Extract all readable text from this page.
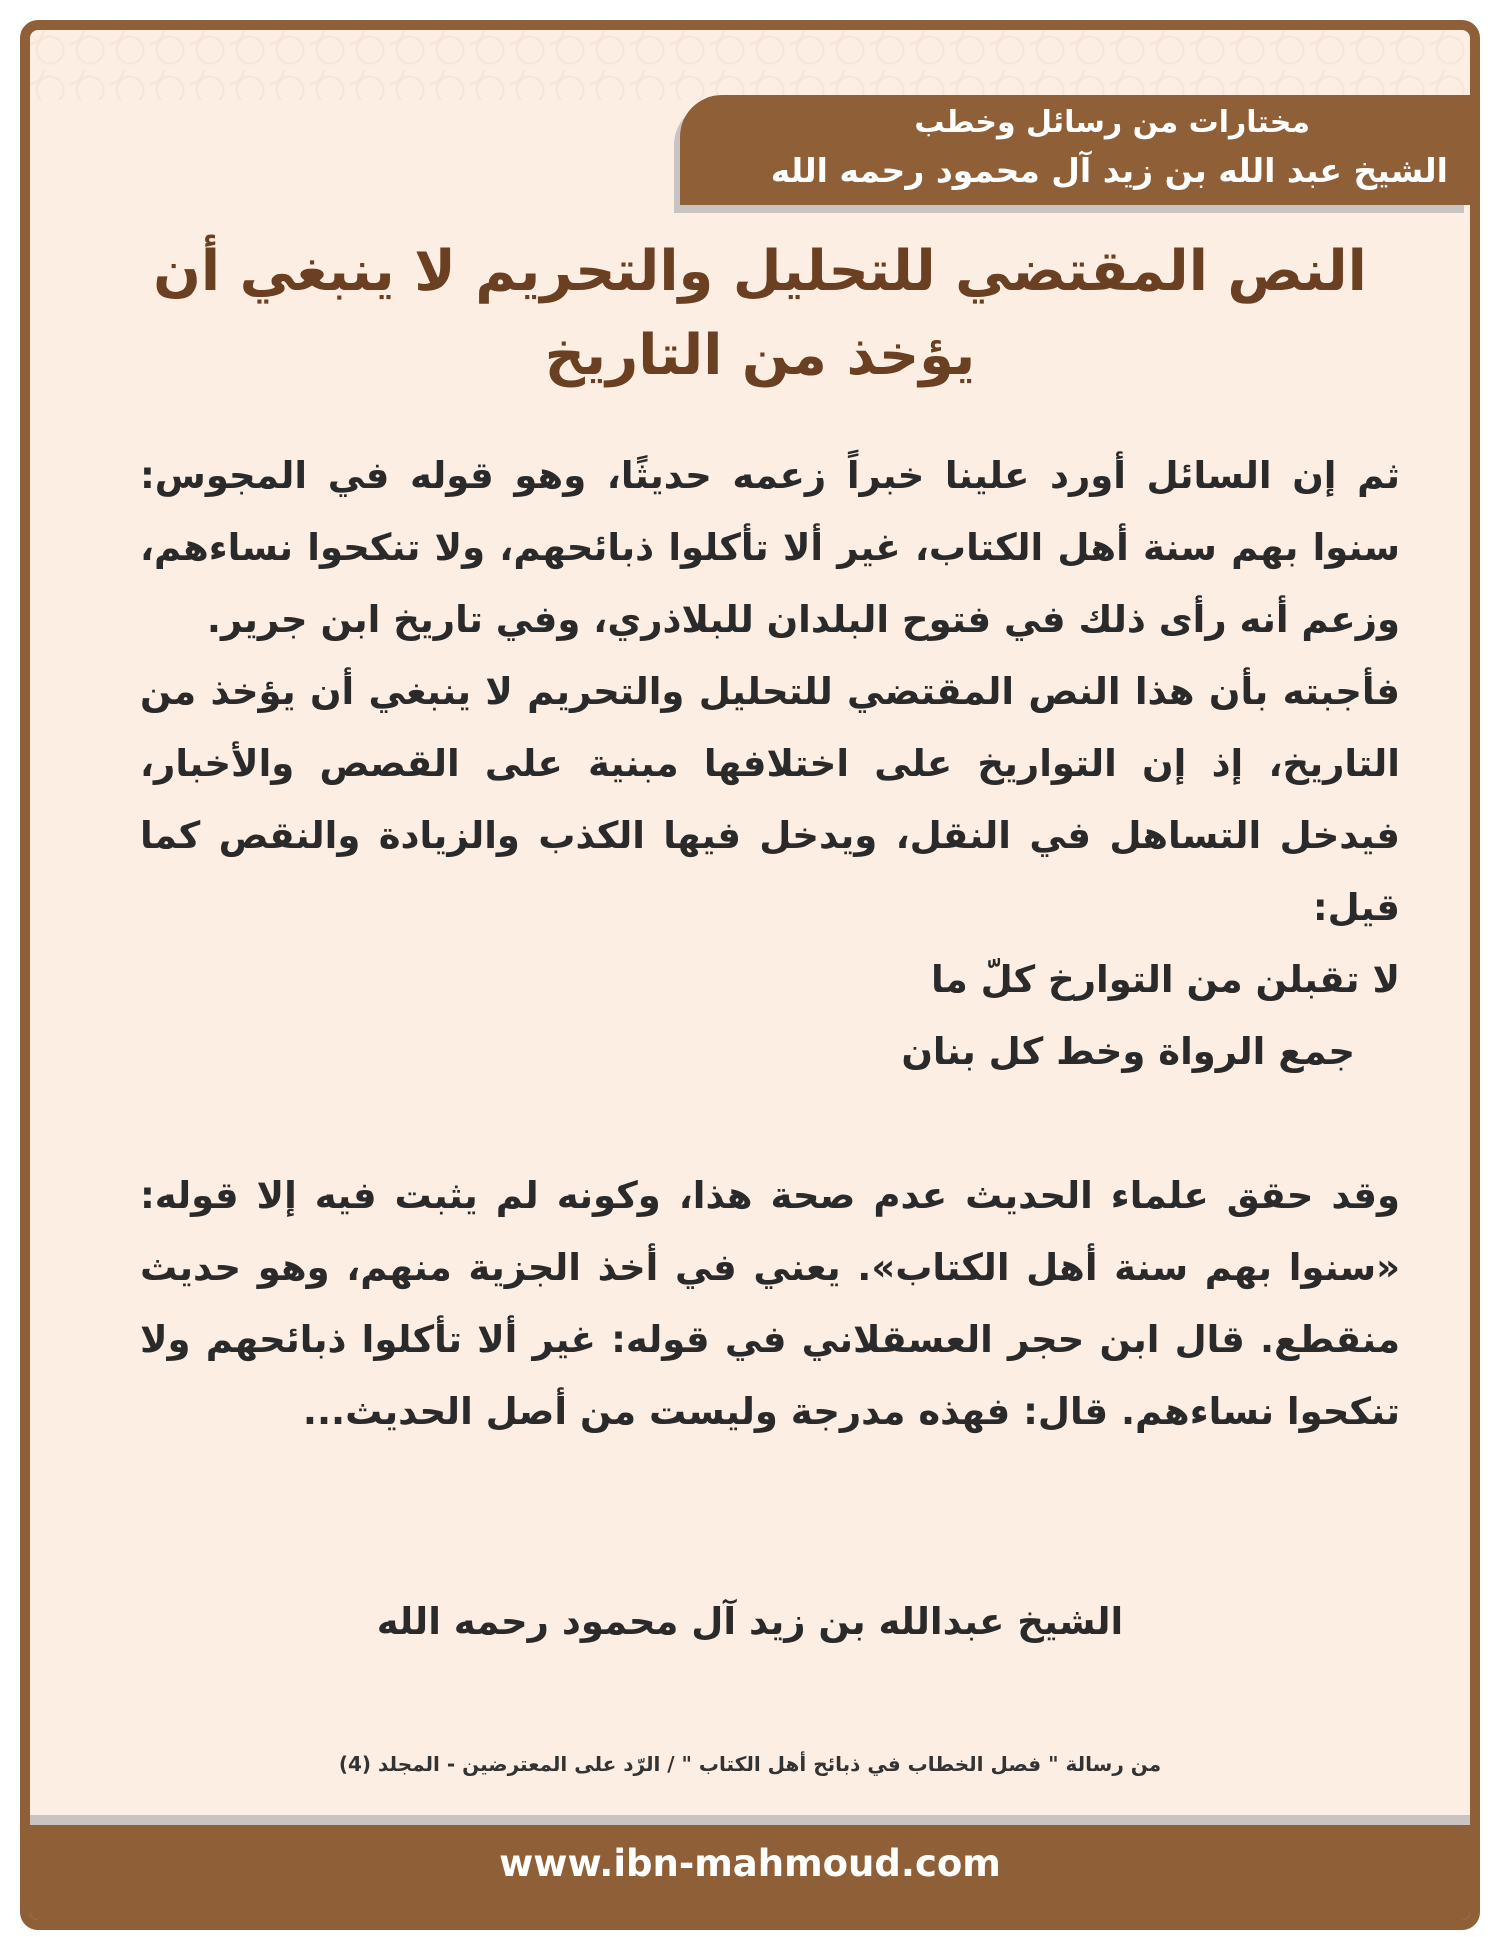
مختارات من رسائل وخطب
الشيخ عبد الله بن زيد آل محمود رحمه الله
النص المقتضي للتحليل والتحريم لا ينبغي أن يؤخذ من التاريخ

ثم إن السائل أورد علينا خبراً زعمه حديثًا، وهو قوله في المجوس: سنوا بهم سنة أهل الكتاب، غير ألا تأكلوا ذبائحهم، ولا تنكحوا نساءهم، وزعم أنه رأى ذلك في فتوح البلدان للبلاذري، وفي تاريخ ابن جرير.

فأجبته بأن هذا النص المقتضي للتحليل والتحريم لا ينبغي أن يؤخذ من التاريخ، إذ إن التواريخ على اختلافها مبنية على القصص والأخبار، فيدخل التساهل في النقل، ويدخل فيها الكذب والزيادة والنقص كما قيل:

لا تقبلن من التوارخ كلّ ما

جمع الرواة وخط كل بنان

وقد حقق علماء الحديث عدم صحة هذا، وكونه لم يثبت فيه إلا قوله: «سنوا بهم سنة أهل الكتاب». يعني في أخذ الجزية منهم، وهو حديث منقطع. قال ابن حجر العسقلاني في قوله: غير ألا تأكلوا ذبائحهم ولا تنكحوا نساءهم. قال: فهذه مدرجة وليست من أصل الحديث...

الشيخ عبدالله بن زيد آل محمود رحمه الله
من رسالة " فصل الخطاب في ذبائح أهل الكتاب " / الرّد على المعترضين - المجلد (4)
www.ibn-mahmoud.com
